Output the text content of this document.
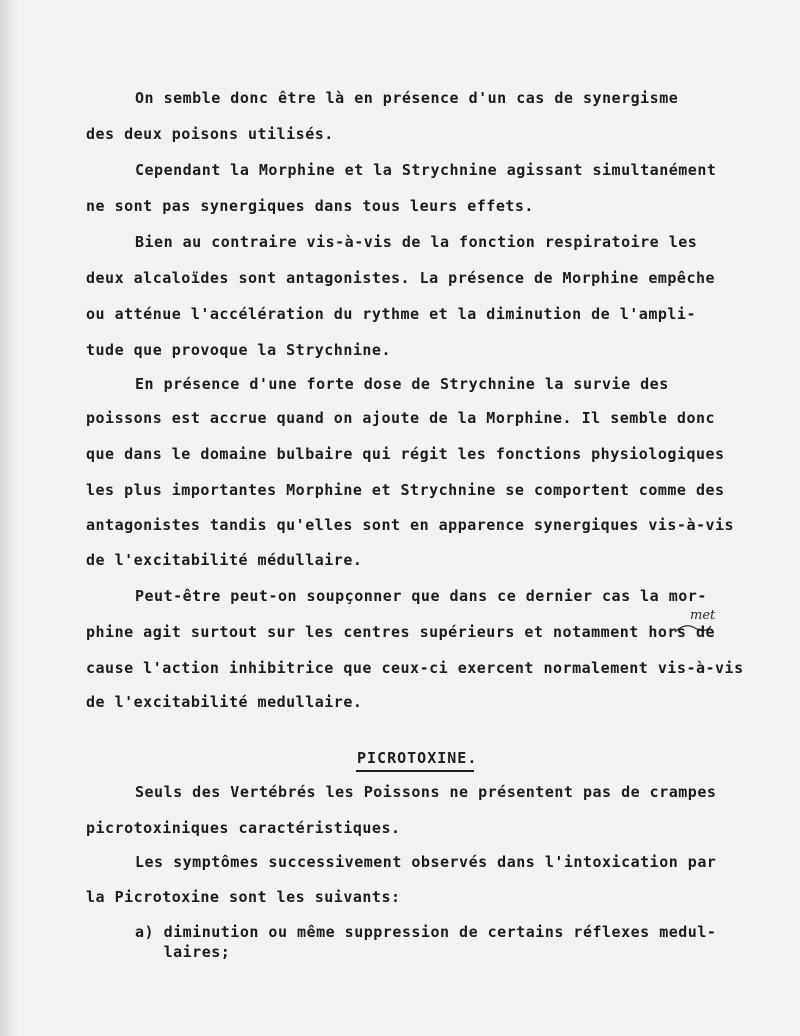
On semble donc être là en présence d'un cas de synergisme
des deux poisons utilisés.
Cependant la Morphine et la Strychnine agissant simultanément
ne sont pas synergiques dans tous leurs effets.
Bien au contraire vis-à-vis de la fonction respiratoire les
deux alcaloïdes sont antagonistes. La présence de Morphine empêche
ou atténue l'accélération du rythme et la diminution de l'ampli-
tude que provoque la Strychnine.
En présence d'une forte dose de Strychnine la survie des
poissons est accrue quand on ajoute de la Morphine. Il semble donc
que dans le domaine bulbaire qui régit les fonctions physiologiques
les plus importantes Morphine et Strychnine se comportent comme des
antagonistes tandis qu'elles sont en apparence synergiques vis-à-vis
de l'excitabilité médullaire.
Peut-être peut-on soupçonner que dans ce dernier cas la mor-
met
phine agit surtout sur les centres supérieurs et notamment hors de
cause l'action inhibitrice que ceux-ci exercent normalement vis-à-vis
de l'excitabilité medullaire.
PICROTOXINE.
Seuls des Vertébrés les Poissons ne présentent pas de crampes
picrotoxiniques caractéristiques.
Les symptômes successivement observés dans l'intoxication par
la Picrotoxine sont les suivants:
a) diminution ou même suppression de certains réflexes medul-
laires;
